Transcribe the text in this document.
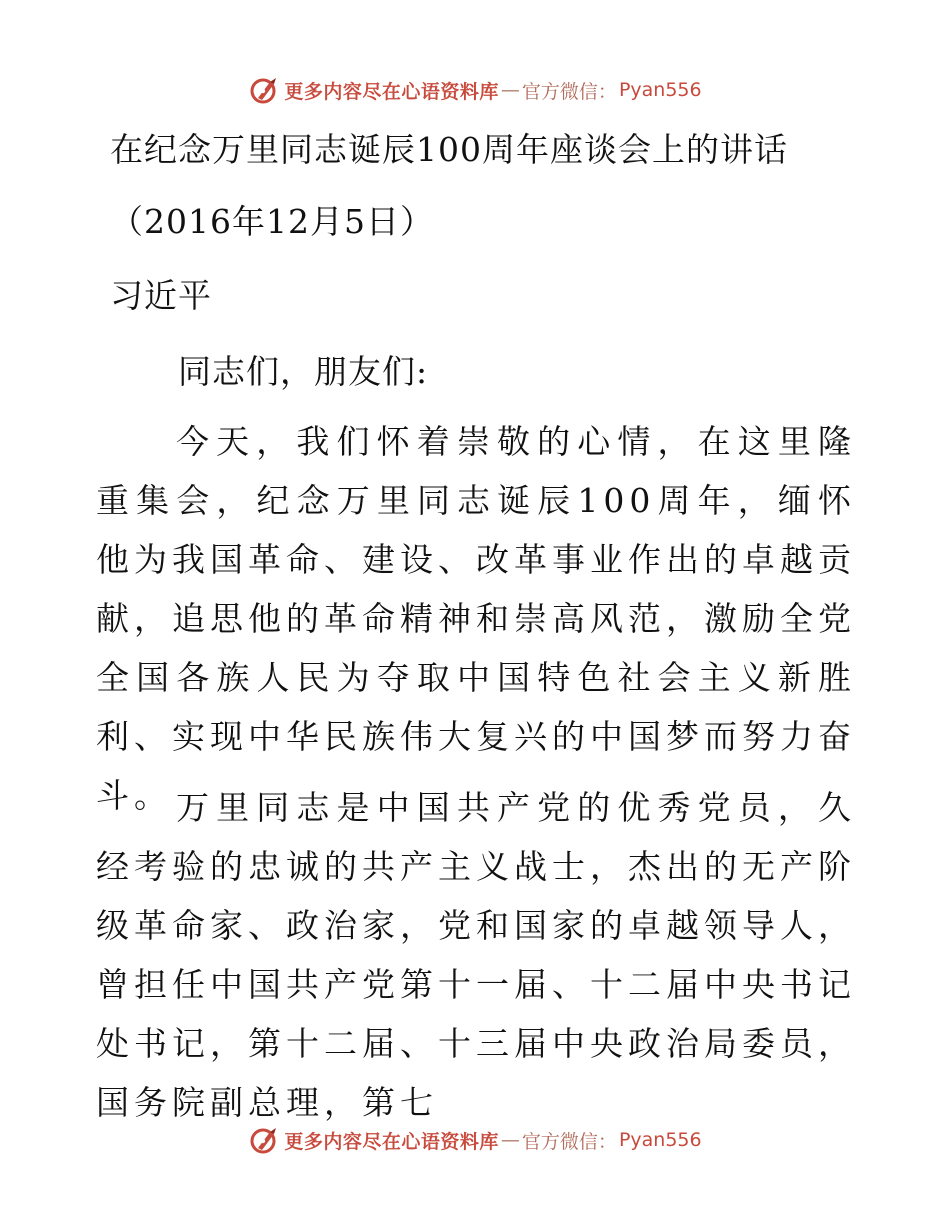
更多内容尽在心语资料库 — 官方微信： Pyan556
在纪念万里同志诞辰100周年座谈会上的讲话
（2016年12月5日）
习近平
同志们，朋友们:

今天，我们怀着崇敬的心情，在这里隆重集会，纪念万里同志诞辰100周年，缅怀他为我国革命、建设、改革事业作出的卓越贡献，追思他的革命精神和崇高风范，激励全党全国各族人民为夺取中国特色社会主义新胜利、实现中华民族伟大复兴的中国梦而努力奋斗。 万里同志是中国共产党的优秀党员，久经考验的忠诚的共产主义战士，杰出的无产阶级革命家、政治家，党和国家的卓越领导人，曾担任中国共产党第十一届、十二届中央书记处书记，第十二届、十三届中央政治局委员，国务院副总理，第七

更多内容尽在心语资料库 — 官方微信： Pyan556
